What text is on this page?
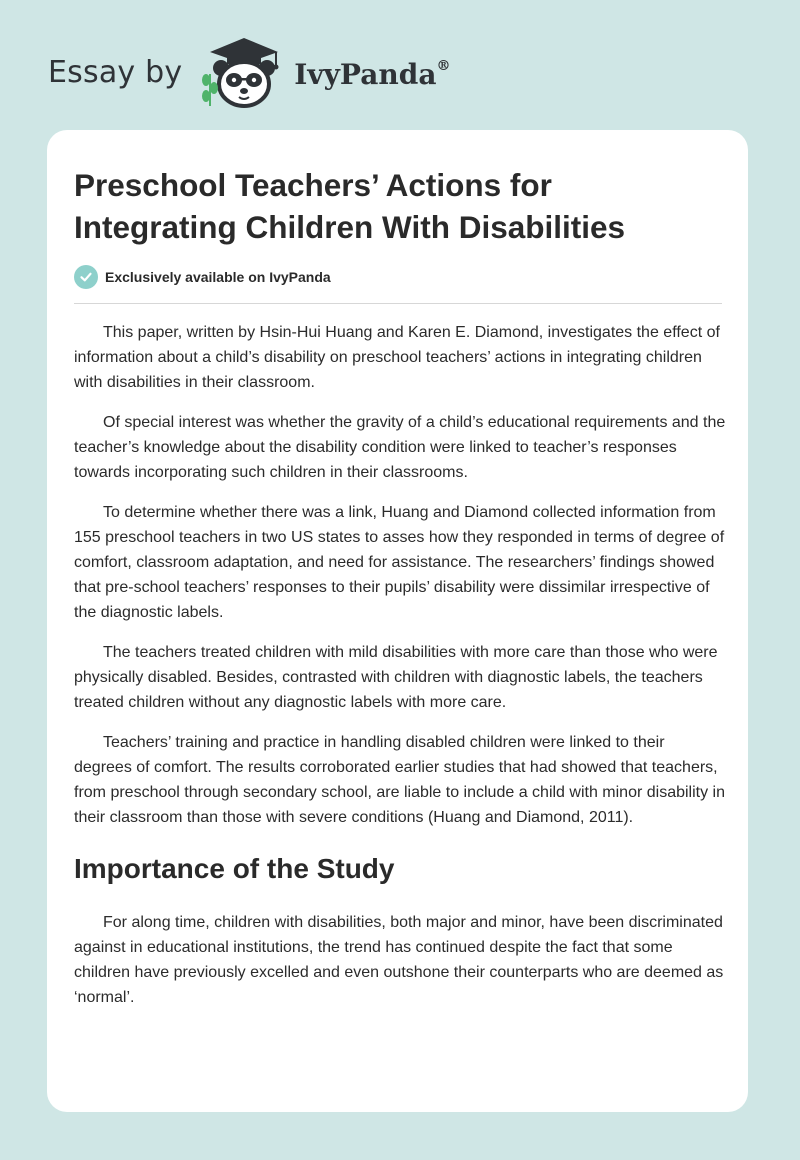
Essay by	IvyPanda®
Preschool Teachers’ Actions for Integrating Children With Disabilities
Exclusively available on IvyPanda

This paper, written by Hsin-Hui Huang and Karen E. Diamond, investigates the effect of information about a child’s disability on preschool teachers’ actions in integrating children with disabilities in their classroom.

Of special interest was whether the gravity of a child’s educational requirements and the teacher’s knowledge about the disability condition were linked to teacher’s responses towards incorporating such children in their classrooms.

To determine whether there was a link, Huang and Diamond collected information from 155 preschool teachers in two US states to asses how they responded in terms of degree of comfort, classroom adaptation, and need for assistance. The researchers’ findings showed that pre-school teachers’ responses to their pupils’ disability were dissimilar irrespective of the diagnostic labels.

The teachers treated children with mild disabilities with more care than those who were physically disabled. Besides, contrasted with children with diagnostic labels, the teachers treated children without any diagnostic labels with more care.

Teachers’ training and practice in handling disabled children were linked to their degrees of comfort. The results corroborated earlier studies that had showed that teachers, from preschool through secondary school, are liable to include a child with minor disability in their classroom than those with severe conditions (Huang and Diamond, 2011).

Importance of the Study

For along time, children with disabilities, both major and minor, have been discriminated against in educational institutions, the trend has continued despite the fact that some children have previously excelled and even outshone their counterparts who are deemed as ‘normal’.
